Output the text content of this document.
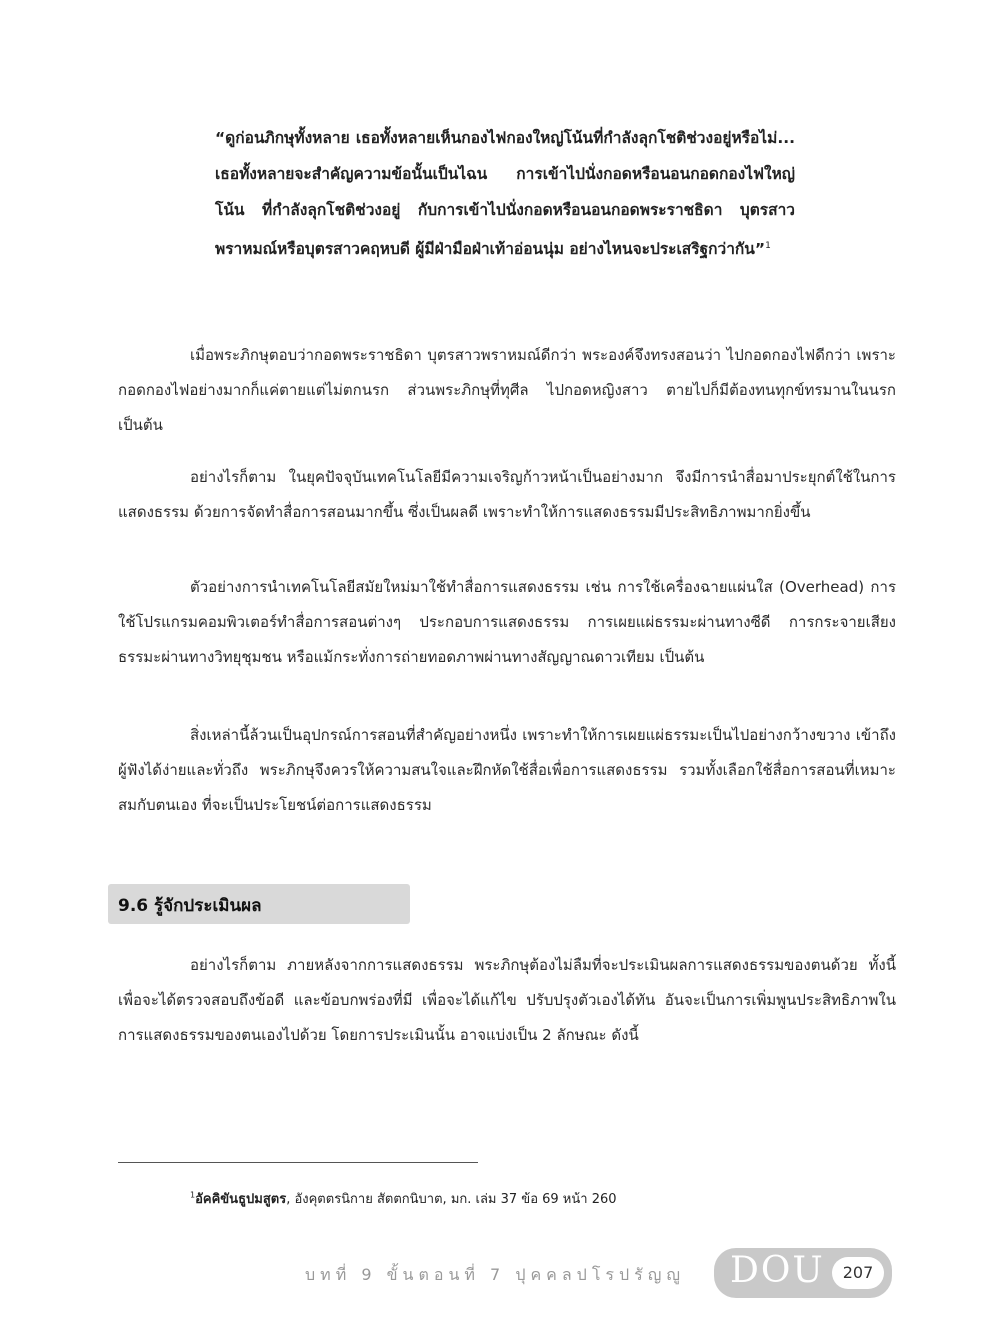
“ดูก่อนภิกษุทั้งหลาย เธอทั้งหลายเห็นกองไฟกองใหญ่โน้นที่กำลังลุกโชติช่วงอยู่หรือไม่... เธอทั้งหลายจะสำคัญความข้อนั้นเป็นไฉน การเข้าไปนั่งกอดหรือนอนกอดกองไฟใหญ่โน้น ที่กำลังลุกโชติช่วงอยู่ กับการเข้าไปนั่งกอดหรือนอนกอดพระราชธิดา บุตรสาวพราหมณ์หรือบุตรสาวคฤหบดี ผู้มีฝ่ามือฝ่าเท้าอ่อนนุ่ม อย่างไหนจะประเสริฐกว่ากัน”$^1$

เมื่อพระภิกษุตอบว่ากอดพระราชธิดา บุตรสาวพราหมณ์ดีกว่า พระองค์จึงทรงสอนว่า ไปกอดกองไฟดีกว่า เพราะกอดกองไฟอย่างมากก็แค่ตายแต่ไม่ตกนรก ส่วนพระภิกษุที่ทุศีล ไปกอดหญิงสาว ตายไปก็มีต้องทนทุกข์ทรมานในนรก เป็นต้น

อย่างไรก็ตาม ในยุคปัจจุบันเทคโนโลยีมีความเจริญก้าวหน้าเป็นอย่างมาก จึงมีการนำสื่อมาประยุกต์ใช้ในการแสดงธรรม ด้วยการจัดทำสื่อการสอนมากขึ้น ซึ่งเป็นผลดี เพราะทำให้การแสดงธรรมมีประสิทธิภาพมากยิ่งขึ้น

ตัวอย่างการนำเทคโนโลยีสมัยใหม่มาใช้ทำสื่อการแสดงธรรม เช่น การใช้เครื่องฉายแผ่นใส (Overhead) การใช้โปรแกรมคอมพิวเตอร์ทำสื่อการสอนต่างๆ ประกอบการแสดงธรรม การเผยแผ่ธรรมะผ่านทางซีดี การกระจายเสียงธรรมะผ่านทางวิทยุชุมชน หรือแม้กระทั่งการถ่ายทอดภาพผ่านทางสัญญาณดาวเทียม เป็นต้น

สิ่งเหล่านี้ล้วนเป็นอุปกรณ์การสอนที่สำคัญอย่างหนึ่ง เพราะทำให้การเผยแผ่ธรรมะเป็นไปอย่างกว้างขวาง เข้าถึงผู้ฟังได้ง่ายและทั่วถึง พระภิกษุจึงควรให้ความสนใจและฝึกหัดใช้สื่อเพื่อการแสดงธรรม รวมทั้งเลือกใช้สื่อการสอนที่เหมาะสมกับตนเอง ที่จะเป็นประโยชน์ต่อการแสดงธรรม

9.6 รู้จักประเมินผล

อย่างไรก็ตาม ภายหลังจากการแสดงธรรม พระภิกษุต้องไม่ลืมที่จะประเมินผลการแสดงธรรมของตนด้วย ทั้งนี้เพื่อจะได้ตรวจสอบถึงข้อดี และข้อบกพร่องที่มี เพื่อจะได้แก้ไข ปรับปรุงตัวเองได้ทัน อันจะเป็นการเพิ่มพูนประสิทธิภาพในการแสดงธรรมของตนเองไปด้วย โดยการประเมินนั้น อาจแบ่งเป็น 2 ลักษณะ ดังนี้

$^1$อัคคิขันธูปมสูตร, อังคุตตรนิกาย สัตตกนิบาต, มก. เล่ม 37 ข้อ 69 หน้า 260
บทที่ 9 ขั้นตอนที่ 7 ปุคคลปโรปรัญญู DOU	207
